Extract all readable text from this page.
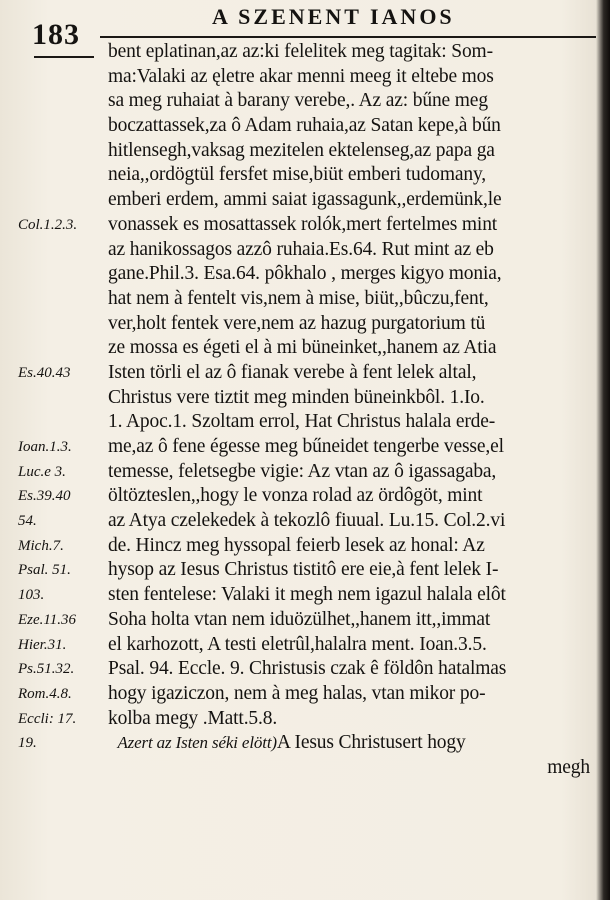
183
A SZENENT IANOS
Col.1.2.3.
Es.40.43
Ioan.1.3.
Luc.e 3.
Es.39.40
54.
Mich.7.
Psal. 51.
103.
Eze.11.36
Hier.31.
Ps.51.32.
Rom.4.8.
Eccli: 17.
19.
bent eplatinan,az az:ki felelitek meg tagitak: Som-
ma:Valaki az ęletre akar menni meeg it eltebe mos
sa meg ruhaiat à barany verebe,. Az az: bűne meg
boczattassek,za ô Adam ruhaia,az Satan kepe,à bűn
hitlensegh,vaksag mezitelen ektelenseg,az papa ga
neia,,ordögtül fersfet mise,biüt emberi tudomany,
emberi erdem, ammi saiat igassagunk,,erdemünk,le
vonassek es mosattassek rolók,mert fertelmes mint
az hanikossagos azzô ruhaia.Es.64. Rut mint az eb
gane.Phil.3. Esa.64. pôkhalo , merges kigyo monia,
hat nem à fentelt vis,nem à mise, biüt,,bûczu,fent,
ver,holt fentek vere,nem az hazug purgatorium tü
ze mossa es égeti el à mi büneinket,,hanem az Atia
Isten törli el az ô fianak verebe à fent lelek altal,
Christus vere tiztit meg minden büneinkbôl. 1.Io.
1. Apoc.1. Szoltam errol, Hat Christus halala erde-
me,az ô fene égesse meg bűneidet tengerbe vesse,el
temesse, feletsegbe vigie: Az vtan az ô igassagaba,
öltözteslen,,hogy le vonza rolad az ördôgöt, mint
az Atya czelekedek à tekozlô fiuual. Lu.15. Col.2.vi
de. Hincz meg hyssopal feierb lesek az honal: Az
hysop az Iesus Christus tistitô ere eie,à fent lelek I-
sten fentelese: Valaki it megh nem igazul halala elôt
Soha holta vtan nem iduözülhet,,hanem itt,,immat
el karhozott, A testi eletrûl,halalra ment. Ioan.3.5.
Psal. 94. Eccle. 9. Christusis czak ê földôn hatalmas
hogy igaziczon, nem à meg halas, vtan mikor po-
kolba megy .Matt.5.8.
Azert az Isten séki elött)A Iesus Christusert hogy
megh
